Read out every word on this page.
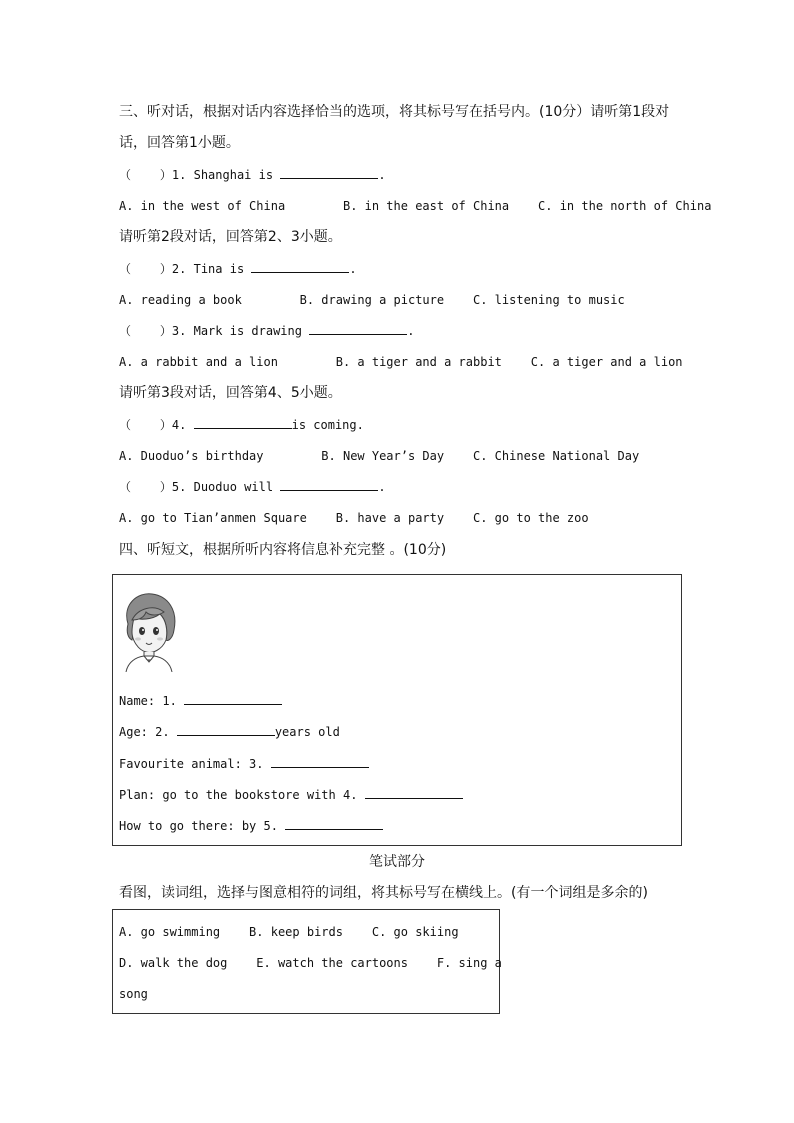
三、听对话，根据对话内容选择恰当的选项，将其标号写在括号内。(10分）请听第1段对
话，回答第1小题。
（    ）1. Shanghai is	.
A. in the west of China        B. in the east of China    C. in the north of China
请听第2段对话，回答第2、3小题。
（    ）2. Tina is	.
A. reading a book        B. drawing a picture    C. listening to music
（    ）3. Mark is drawing	.
A. a rabbit and a lion        B. a tiger and a rabbit    C. a tiger and a lion
请听第3段对话，回答第4、5小题。
（    ）4.	is coming.
A. Duoduo’s birthday        B. New Year’s Day    C. Chinese National Day
（    ）5. Duoduo will	.
A. go to Tian’anmen Square    B. have a party    C. go to the zoo
四、听短文，根据所听内容将信息补充完整 。(10分)
Name: 1.
Age: 2.	years old
Favourite animal: 3.
Plan: go to the bookstore with 4.
How to go there: by 5.
笔试部分
看图，读词组，选择与图意相符的词组，将其标号写在横线上。(有一个词组是多余的)
A. go swimming    B. keep birds    C. go skiing
D. walk the dog    E. watch the cartoons    F. sing a
song
